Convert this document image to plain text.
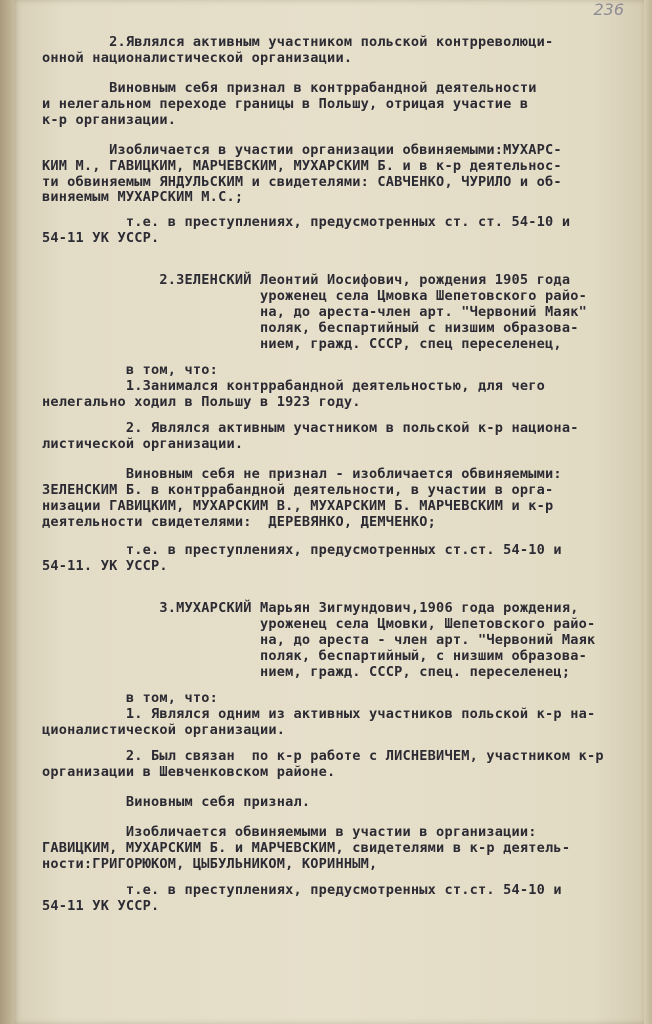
236
2.Являлся активным участником польской контрреволюци-
онной националистической организации.
Виновным себя признал в контррабандной деятельности
и нелегальном переходе границы в Польшу, отрицая участие в
к-р организации.
Изобличается в участии организации обвиняемыми:МУХАРС-
КИМ М., ГАВИЦКИМ, МАРЧЕВСКИМ, МУХАРСКИМ Б. и в к-р деятельнос-
ти обвиняемым ЯНДУЛЬСКИМ и свидетелями: САВЧЕНКО, ЧУРИЛО и об-
виняемым МУХАРСКИМ М.С.;
т.е. в преступлениях, предусмотренных ст. ст. 54-10 и
54-11 УК УССР.
2.ЗЕЛЕНСКИЙ Леонтий Иосифович, рождения 1905 года
уроженец села Цмовка Шепетовского райо-
на, до ареста-член арт. "Червоний Маяк"
поляк, беспартийный с низшим образова-
нием, гражд. СССР, спец переселенец,
в том, что:
1.Занимался контррабандной деятельностью, для чего
нелегально ходил в Польшу в 1923 году.
2. Являлся активным участником в польской к-р национа-
листической организации.
Виновным себя не признал - изобличается обвиняемыми:
ЗЕЛЕНСКИМ Б. в контррабандной деятельности, в участии в орга-
низации ГАВИЦКИМ, МУХАРСКИМ В., МУХАРСКИМ Б. МАРЧЕВСКИМ и к-р
деятельности свидетелями:  ДЕРЕВЯНКО, ДЕМЧЕНКО;
т.е. в преступлениях, предусмотренных ст.ст. 54-10 и
54-11. УК УССР.
3.МУХАРСКИЙ Марьян Зигмундович,1906 года рождения,
уроженец села Цмовки, Шепетовского райо-
на, до ареста - член арт. "Червоний Маяк
поляк, беспартийный, с низшим образова-
нием, гражд. СССР, спец. переселенец;
в том, что:
1. Являлся одним из активных участников польской к-р на-
ционалистической организации.
2. Был связан  по к-р работе с ЛИСНЕВИЧЕМ, участником к-р
организации в Шевченковском районе.
Виновным себя признал.
Изобличается обвиняемыми в участии в организации:
ГАВИЦКИМ, МУХАРСКИМ Б. и МАРЧЕВСКИМ, свидетелями в к-р деятель-
ности:ГРИГОРЮКОМ, ЦЫБУЛЬНИКОМ, КОРИННЫМ,
т.е. в преступлениях, предусмотренных ст.ст. 54-10 и
54-11 УК УССР.
